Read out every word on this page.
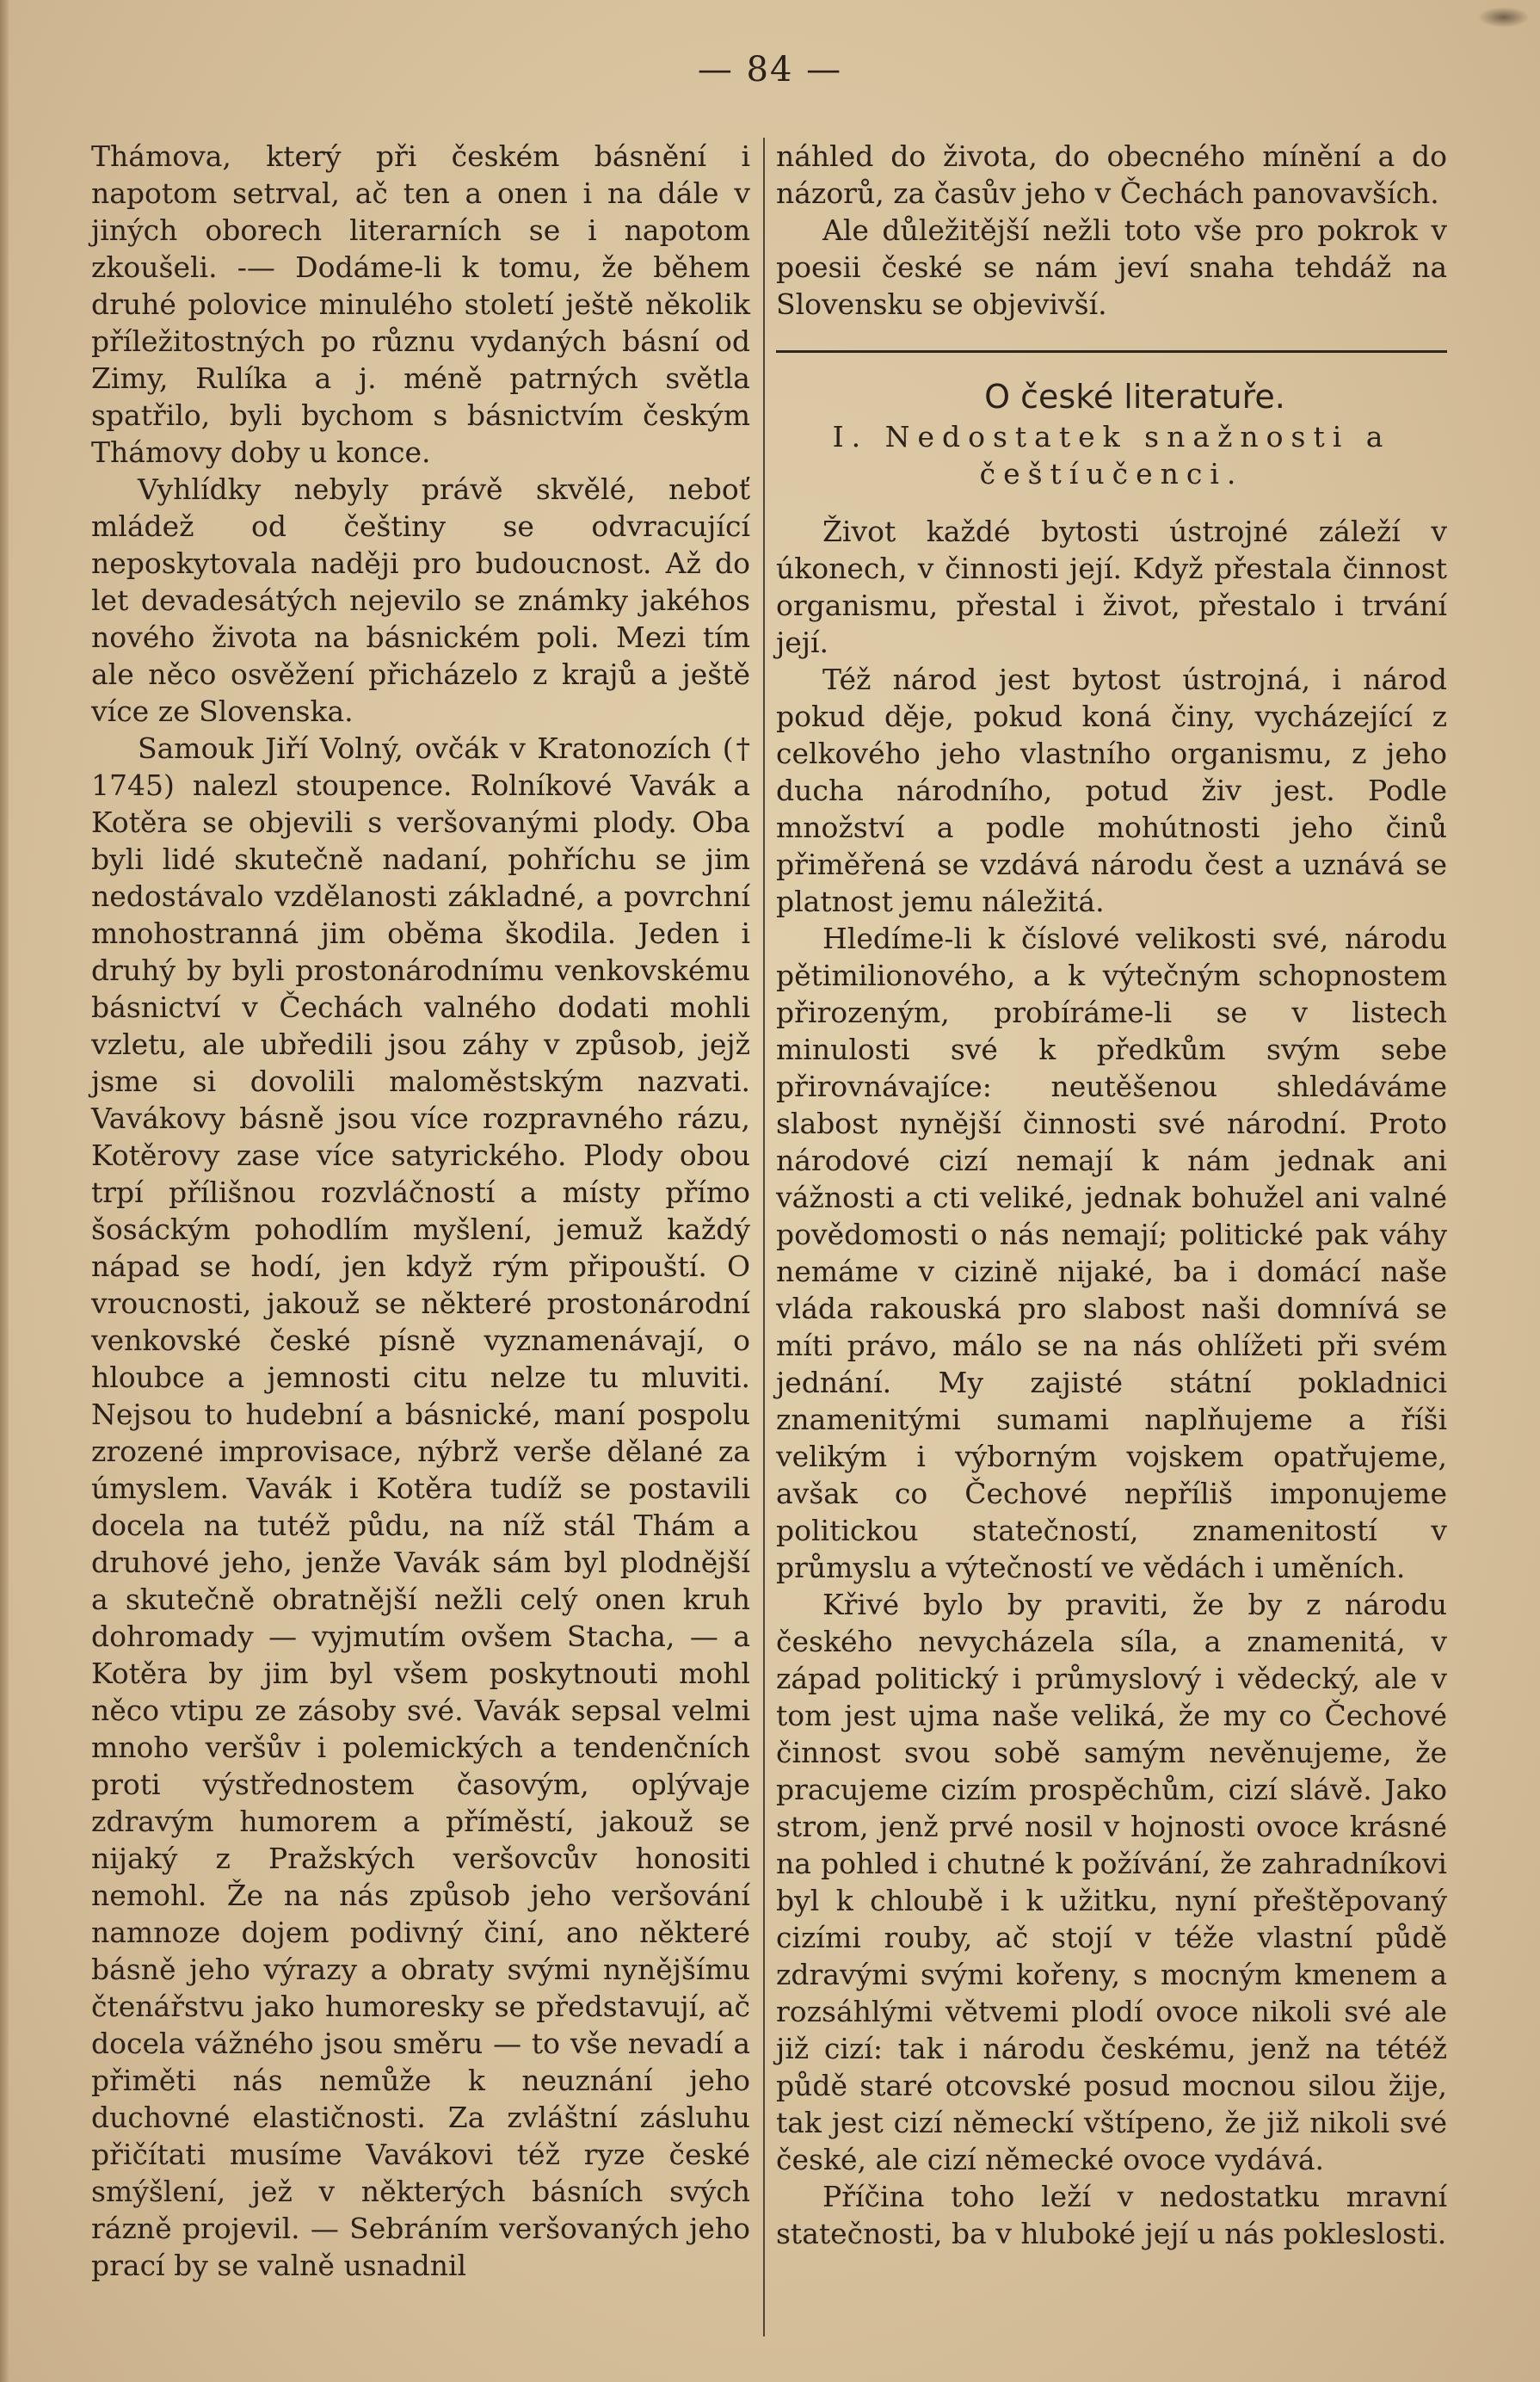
— 84 —

Thámova, který při českém básnění i napotom setrval, ač ten a onen i na dále v jiných oborech literarních se i napotom zkoušeli. -— Dodáme-li k tomu, že během druhé polovice minulého století ještě několik příležitostných po různu vydaných básní od Zimy, Rulíka a j. méně patrných světla spatřilo, byli bychom s básnictvím českým Thámovy doby u konce.

Vyhlídky nebyly právě skvělé, neboť mládež od češtiny se odvracující neposkytovala naději pro budoucnost. Až do let devadesátých nejevilo se známky jakéhos nového života na básnickém poli. Mezi tím ale něco osvěžení přicházelo z krajů a ještě více ze Slovenska.

Samouk Jiří Volný, ovčák v Kratonozích († 1745) nalezl stoupence. Rolníkové Vavák a Kotěra se objevili s veršovanými plody. Oba byli lidé skutečně nadaní, pohříchu se jim nedostávalo vzdělanosti základné, a povrchní mnohostranná jim oběma škodila. Jeden i druhý by byli prostonárodnímu venkovskému básnictví v Čechách valného dodati mohli vzletu, ale ubředili jsou záhy v způsob, jejž jsme si dovolili maloměstským nazvati. Vavákovy básně jsou více rozpravného rázu, Kotěrovy zase více satyrického. Plody obou trpí přílišnou rozvláčností a místy přímo šosáckým pohodlím myšlení, jemuž každý nápad se hodí, jen když rým připouští. O vroucnosti, jakouž se některé prostonárodní venkovské české písně vyznamenávají, o hloubce a jemnosti citu nelze tu mluviti. Nejsou to hudební a básnické, maní pospolu zrozené improvisace, nýbrž verše dělané za úmyslem. Vavák i Kotěra tudíž se postavili docela na tutéž půdu, na níž stál Thám a druhové jeho, jenže Vavák sám byl plodnější a skutečně obratnější nežli celý onen kruh dohromady — vyjmutím ovšem Stacha, — a Kotěra by jim byl všem poskytnouti mohl něco vtipu ze zásoby své. Vavák sepsal velmi mnoho veršův i polemických a tendenčních proti výstřednostem časovým, oplývaje zdravým humorem a příměstí, jakouž se nijaký z Pražských veršovcův honositi nemohl. Že na nás způsob jeho veršování namnoze dojem podivný činí, ano některé básně jeho výrazy a obraty svými nynějšímu čtenářstvu jako humoresky se představují, ač docela vážného jsou směru — to vše nevadí a přiměti nás nemůže k neuznání jeho duchovné elastičnosti. Za zvláštní zásluhu přičítati musíme Vavákovi též ryze české smýšlení, jež v některých básních svých rázně projevil. — Sebráním veršovaných jeho prací by se valně usnadnil

náhled do života, do obecného mínění a do názorů, za časův jeho v Čechách panovavších.

Ale důležitější nežli toto vše pro pokrok v poesii české se nám jeví snaha tehdáž na Slovensku se objevivší.

O české literatuře.

I. Nedostatek snažnosti a češtíučenci.

Život každé bytosti ústrojné záleží v úkonech, v činnosti její. Když přestala činnost organismu, přestal i život, přestalo i trvání její.

Též národ jest bytost ústrojná, i národ pokud děje, pokud koná činy, vycházející z celkového jeho vlastního organismu, z jeho ducha národního, potud živ jest. Podle množství a podle mohútnosti jeho činů přiměřená se vzdává národu čest a uznává se platnost jemu náležitá.

Hledíme-li k číslové velikosti své, národu pětimilionového, a k výtečným schopnostem přirozeným, probíráme-li se v listech minulosti své k předkům svým sebe přirovnávajíce: neutěšenou shledáváme slabost nynější činnosti své národní. Proto národové cizí nemají k nám jednak ani vážnosti a cti veliké, jednak bohužel ani valné povědomosti o nás nemají; politické pak váhy nemáme v cizině nijaké, ba i domácí naše vláda rakouská pro slabost naši domnívá se míti právo, málo se na nás ohlížeti při svém jednání. My zajisté státní pokladnici znamenitými sumami naplňujeme a říši velikým i výborným vojskem opatřujeme, avšak co Čechové nepříliš imponujeme politickou statečností, znamenitostí v průmyslu a výtečností ve vědách i uměních.

Křivé bylo by praviti, že by z národu českého nevycházela síla, a znamenitá, v západ politický i průmyslový i vědecký, ale v tom jest ujma naše veliká, že my co Čechové činnost svou sobě samým nevěnujeme, že pracujeme cizím prospěchům, cizí slávě. Jako strom, jenž prvé nosil v hojnosti ovoce krásné na pohled i chutné k požívání, že zahradníkovi byl k chloubě i k užitku, nyní přeštěpovaný cizími rouby, ač stojí v téže vlastní půdě zdravými svými kořeny, s mocným kmenem a rozsáhlými větvemi plodí ovoce nikoli své ale již cizí: tak i národu českému, jenž na tétéž půdě staré otcovské posud mocnou silou žije, tak jest cizí německí vštípeno, že již nikoli své české, ale cizí německé ovoce vydává.

Příčina toho leží v nedostatku mravní statečnosti, ba v hluboké její u nás pokleslosti.
